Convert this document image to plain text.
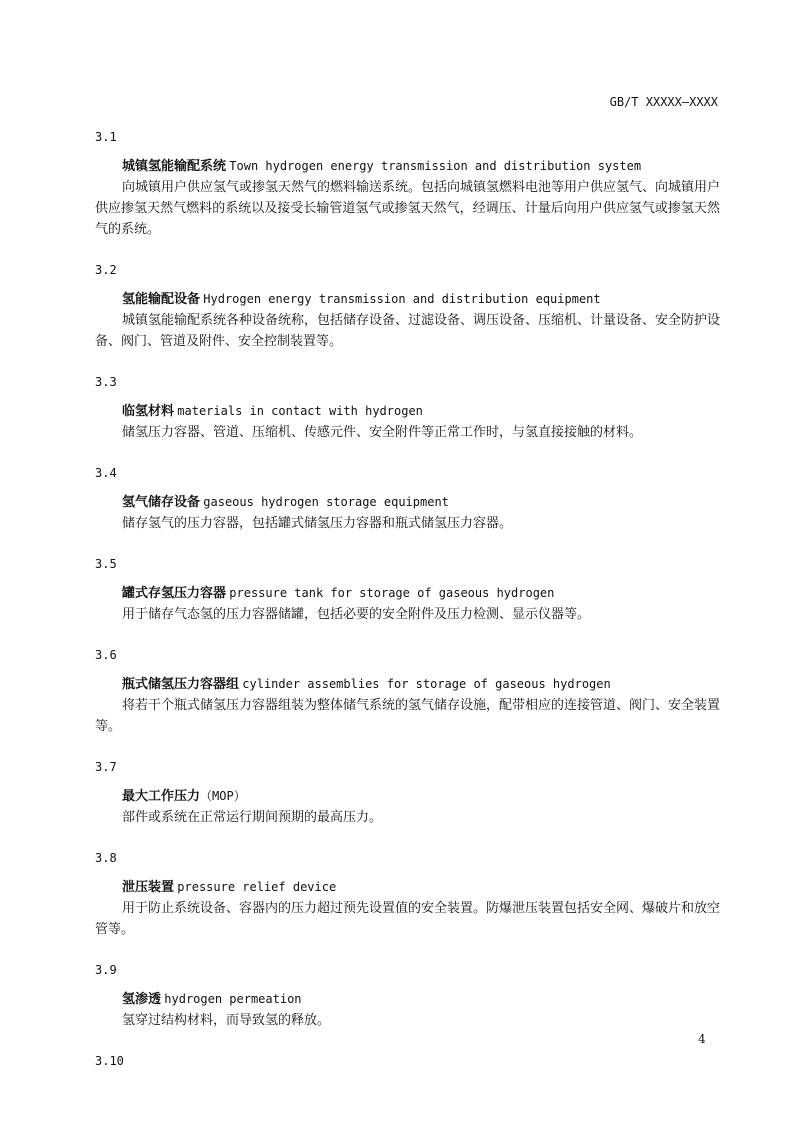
GB/T XXXXX—XXXX
3.1
城镇氢能输配系统 Town hydrogen energy transmission and distribution system

向城镇用户供应氢气或掺氢天然气的燃料输送系统。包括向城镇氢燃料电池等用户供应氢气、向城镇用户供应掺氢天然气燃料的系统以及接受长输管道氢气或掺氢天然气，经调压、计量后向用户供应氢气或掺氢天然气的系统。

3.2
氢能输配设备 Hydrogen energy transmission and distribution equipment

城镇氢能输配系统各种设备统称，包括储存设备、过滤设备、调压设备、压缩机、计量设备、安全防护设备、阀门、管道及附件、安全控制装置等。

3.3
临氢材料 materials in contact with hydrogen

储氢压力容器、管道、压缩机、传感元件、安全附件等正常工作时，与氢直接接触的材料。

3.4
氢气储存设备 gaseous hydrogen storage equipment

储存氢气的压力容器，包括罐式储氢压力容器和瓶式储氢压力容器。

3.5
罐式存氢压力容器 pressure tank for storage of gaseous hydrogen

用于储存气态氢的压力容器储罐，包括必要的安全附件及压力检测、显示仪器等。

3.6
瓶式储氢压力容器组 cylinder assemblies for storage of gaseous hydrogen

将若干个瓶式储氢压力容器组装为整体储气系统的氢气储存设施，配带相应的连接管道、阀门、安全装置等。

3.7
最大工作压力（MOP）

部件或系统在正常运行期间预期的最高压力。

3.8
泄压装置 pressure relief device

用于防止系统设备、容器内的压力超过预先设置值的安全装置。防爆泄压装置包括安全网、爆破片和放空管等。

3.9
氢渗透 hydrogen permeation

氢穿过结构材料，而导致氢的释放。

3.10
4
